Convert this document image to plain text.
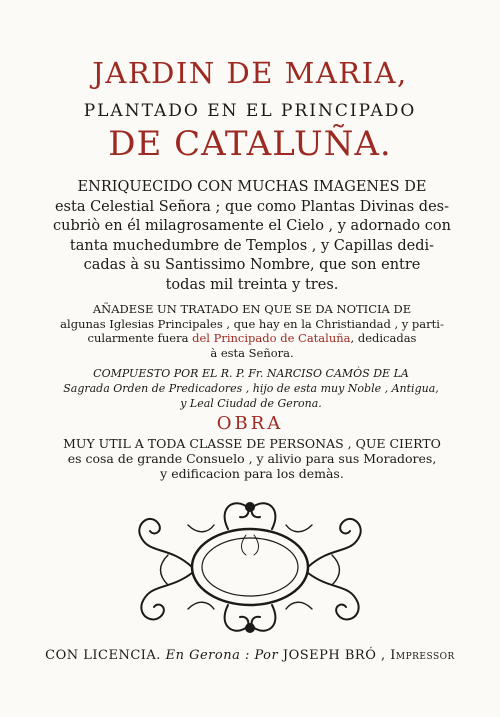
JARDIN DE MARIA,
PLANTADO EN EL PRINCIPADO
DE CATALUÑA.
ENRIQUECIDO CON MUCHAS IMAGENES DE
esta Celestial Señora ; que como Plantas Divinas des-
cubriò en él milagrosamente el Cielo , y adornado con
tanta muchedumbre de Templos , y Capillas dedi-
cadas à su Santissimo Nombre, que son entre
todas mil treinta y tres.
AÑADESE UN TRATADO EN QUE SE DA NOTICIA DE
algunas Iglesias Principales , que hay en la Christiandad , y parti-
cularmente fuera del Principado de Cataluña, dedicadas
à esta Señora.
COMPUESTO POR EL R. P. Fr. NARCISO CAMÒS DE LA
Sagrada Orden de Predicadores , hijo de esta muy Noble , Antigua,
y Leal Ciudad de Gerona.
OBRA
MUY UTIL A TODA CLASSE DE PERSONAS , QUE CIERTO
es cosa de grande Consuelo , y alivio para sus Moradores,
y edificacion para los demàs.
CON LICENCIA. En Gerona : Por JOSEPH BRÓ , Impressor
